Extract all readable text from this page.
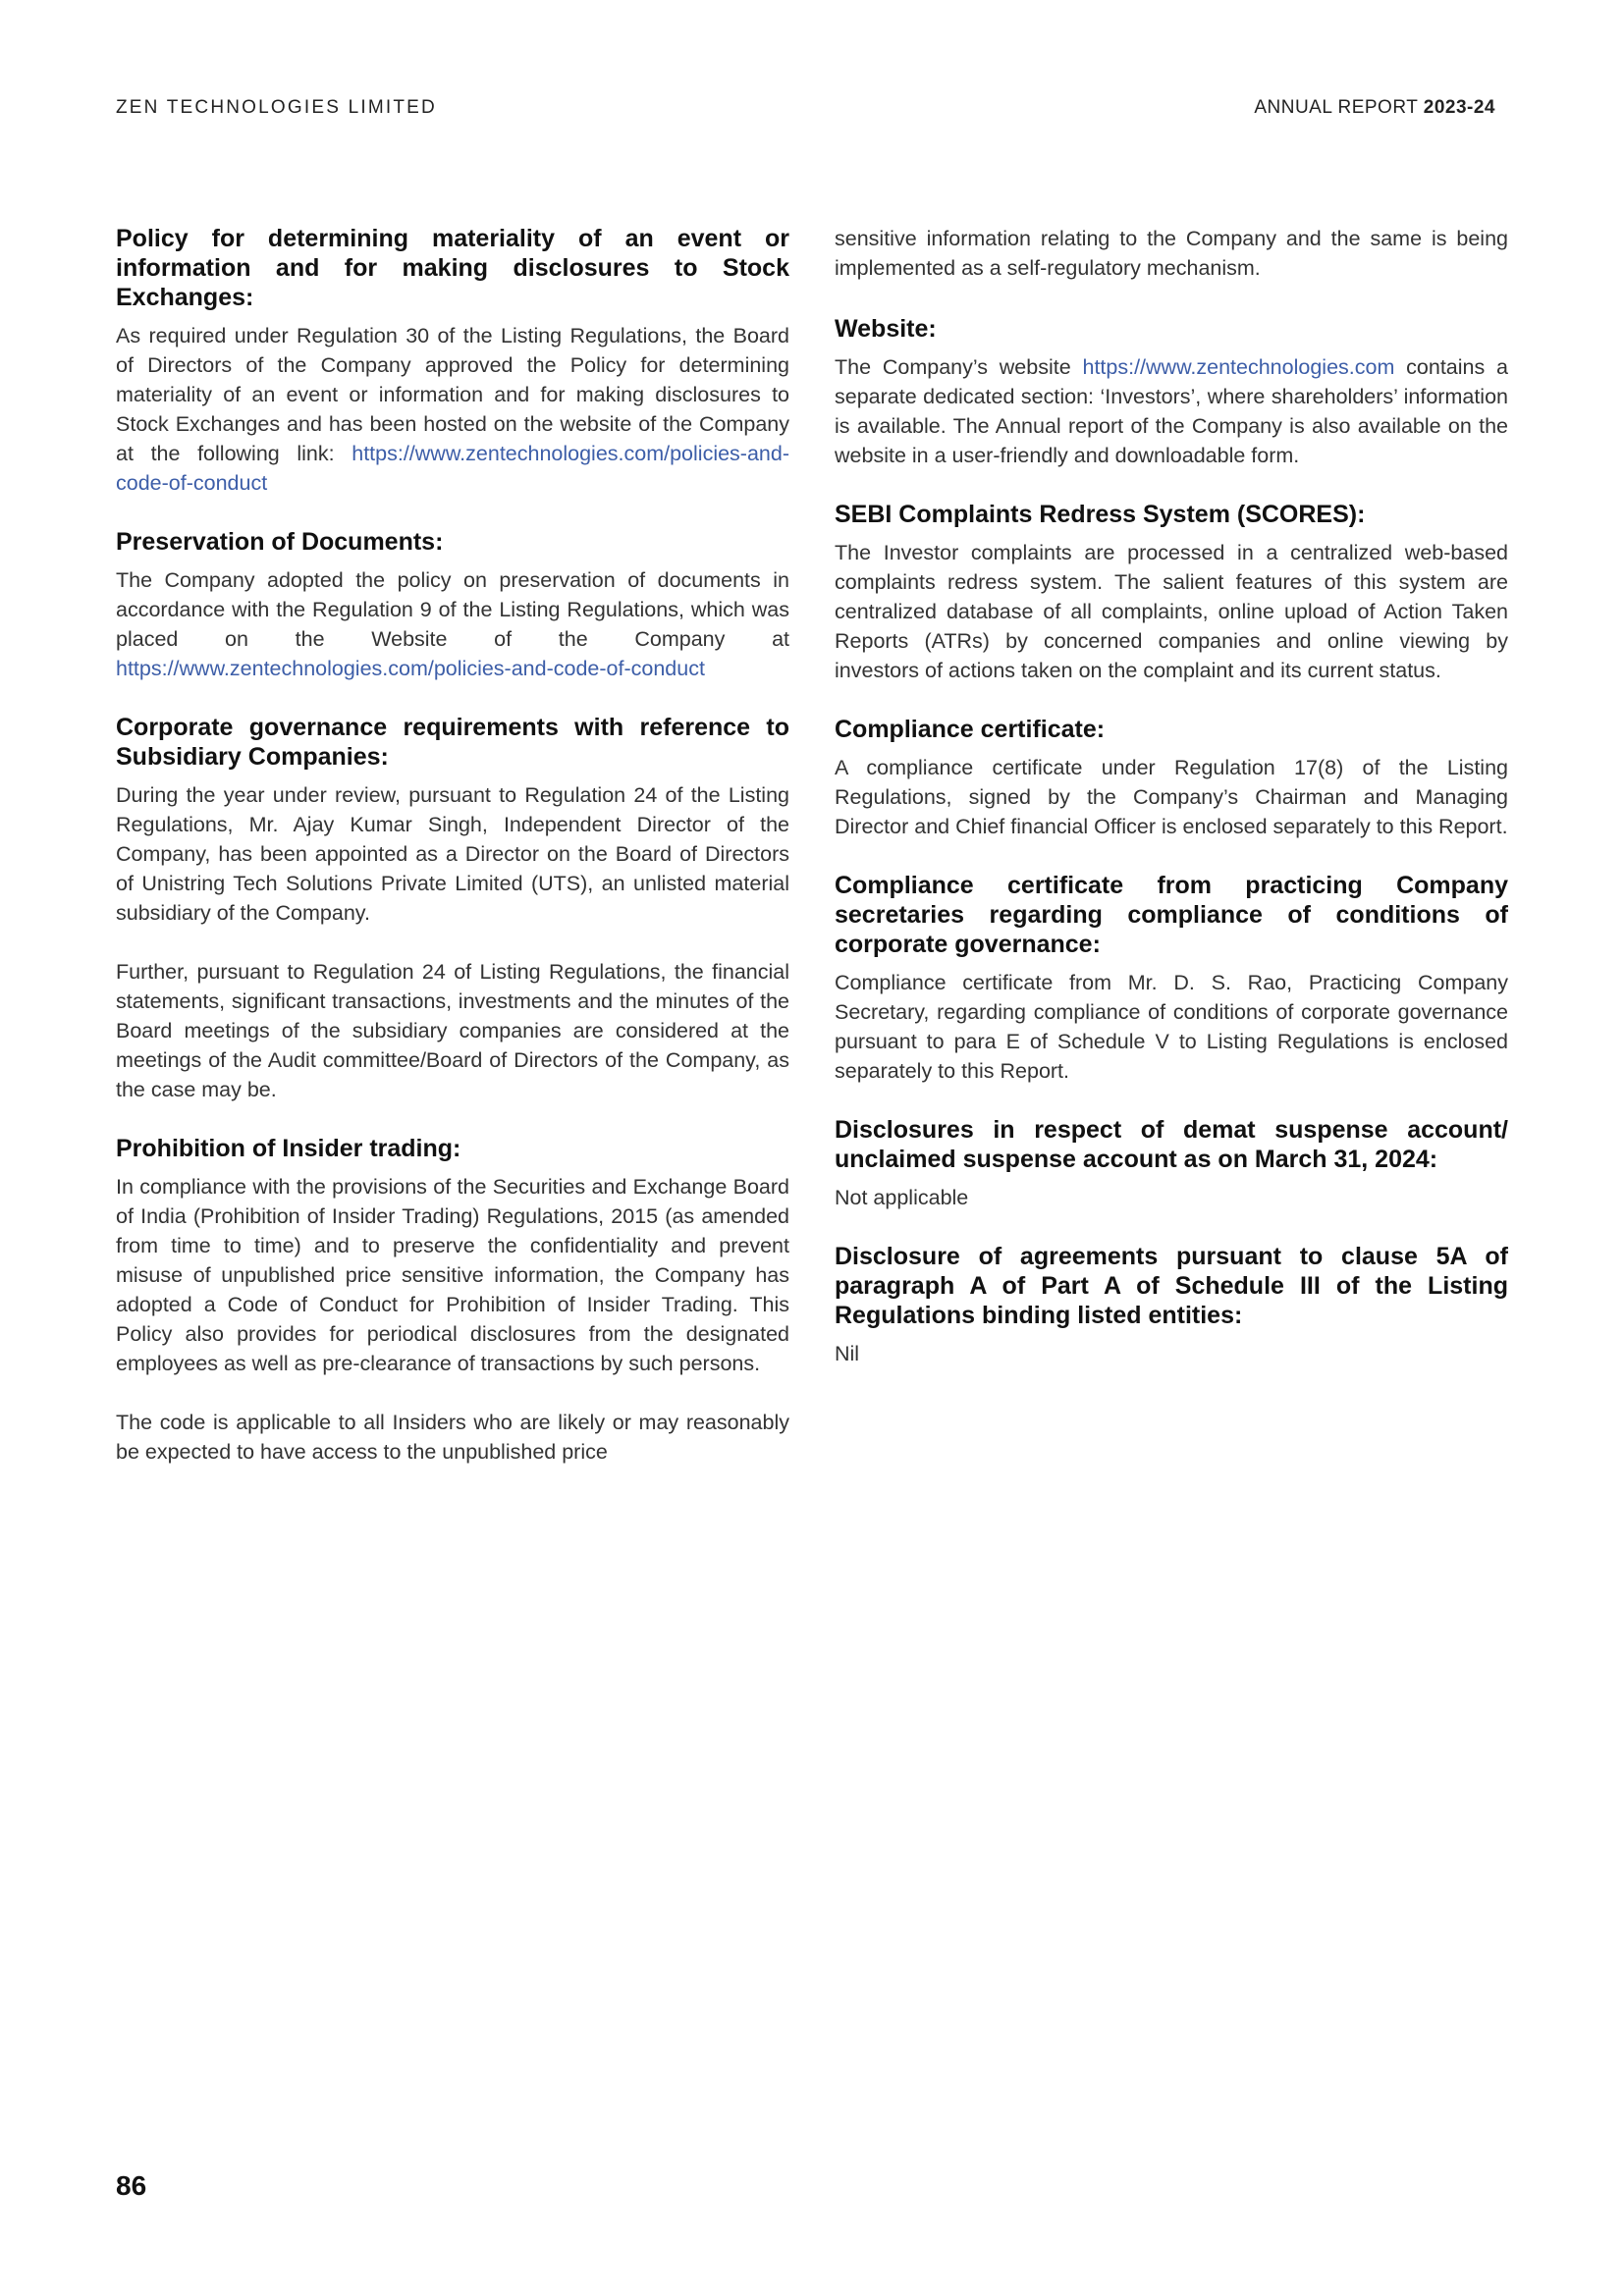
ZEN TECHNOLOGIES LIMITED	ANNUAL REPORT 2023-24
Policy for determining materiality of an event or information and for making disclosures to Stock Exchanges:

As required under Regulation 30 of the Listing Regulations, the Board of Directors of the Company approved the Policy for determining materiality of an event or information and for making disclosures to Stock Exchanges and has been hosted on the website of the Company at the following link: https://www.zentechnologies.com/policies-and-code-of-conduct

Preservation of Documents:

The Company adopted the policy on preservation of documents in accordance with the Regulation 9 of the Listing Regulations, which was placed on the Website of the Company at https://www.zentechnologies.com/policies-and-code-of-conduct

Corporate governance requirements with reference to Subsidiary Companies:

During the year under review, pursuant to Regulation 24 of the Listing Regulations, Mr. Ajay Kumar Singh, Independent Director of the Company, has been appointed as a Director on the Board of Directors of Unistring Tech Solutions Private Limited (UTS), an unlisted material subsidiary of the Company.

Further, pursuant to Regulation 24 of Listing Regulations, the financial statements, significant transactions, investments and the minutes of the Board meetings of the subsidiary companies are considered at the meetings of the Audit committee/Board of Directors of the Company, as the case may be.

Prohibition of Insider trading:

In compliance with the provisions of the Securities and Exchange Board of India (Prohibition of Insider Trading) Regulations, 2015 (as amended from time to time) and to preserve the confidentiality and prevent misuse of unpublished price sensitive information, the Company has adopted a Code of Conduct for Prohibition of Insider Trading. This Policy also provides for periodical disclosures from the designated employees as well as pre-clearance of transactions by such persons.

The code is applicable to all Insiders who are likely or may reasonably be expected to have access to the unpublished price

sensitive information relating to the Company and the same is being implemented as a self-regulatory mechanism.

Website:

The Company’s website https://www.zentechnologies.com contains a separate dedicated section: ‘Investors’, where shareholders’ information is available. The Annual report of the Company is also available on the website in a user-friendly and downloadable form.

SEBI Complaints Redress System (SCORES):

The Investor complaints are processed in a centralized web-based complaints redress system. The salient features of this system are centralized database of all complaints, online upload of Action Taken Reports (ATRs) by concerned companies and online viewing by investors of actions taken on the complaint and its current status.

Compliance certificate:

A compliance certificate under Regulation 17(8) of the Listing Regulations, signed by the Company’s Chairman and Managing Director and Chief financial Officer is enclosed separately to this Report.

Compliance certificate from practicing Company secretaries regarding compliance of conditions of corporate governance:

Compliance certificate from Mr. D. S. Rao, Practicing Company Secretary, regarding compliance of conditions of corporate governance pursuant to para E of Schedule V to Listing Regulations is enclosed separately to this Report.

Disclosures in respect of demat suspense account/ unclaimed suspense account as on March 31, 2024:

Not applicable

Disclosure of agreements pursuant to clause 5A of paragraph A of Part A of Schedule III of the Listing Regulations binding listed entities:

Nil

86
